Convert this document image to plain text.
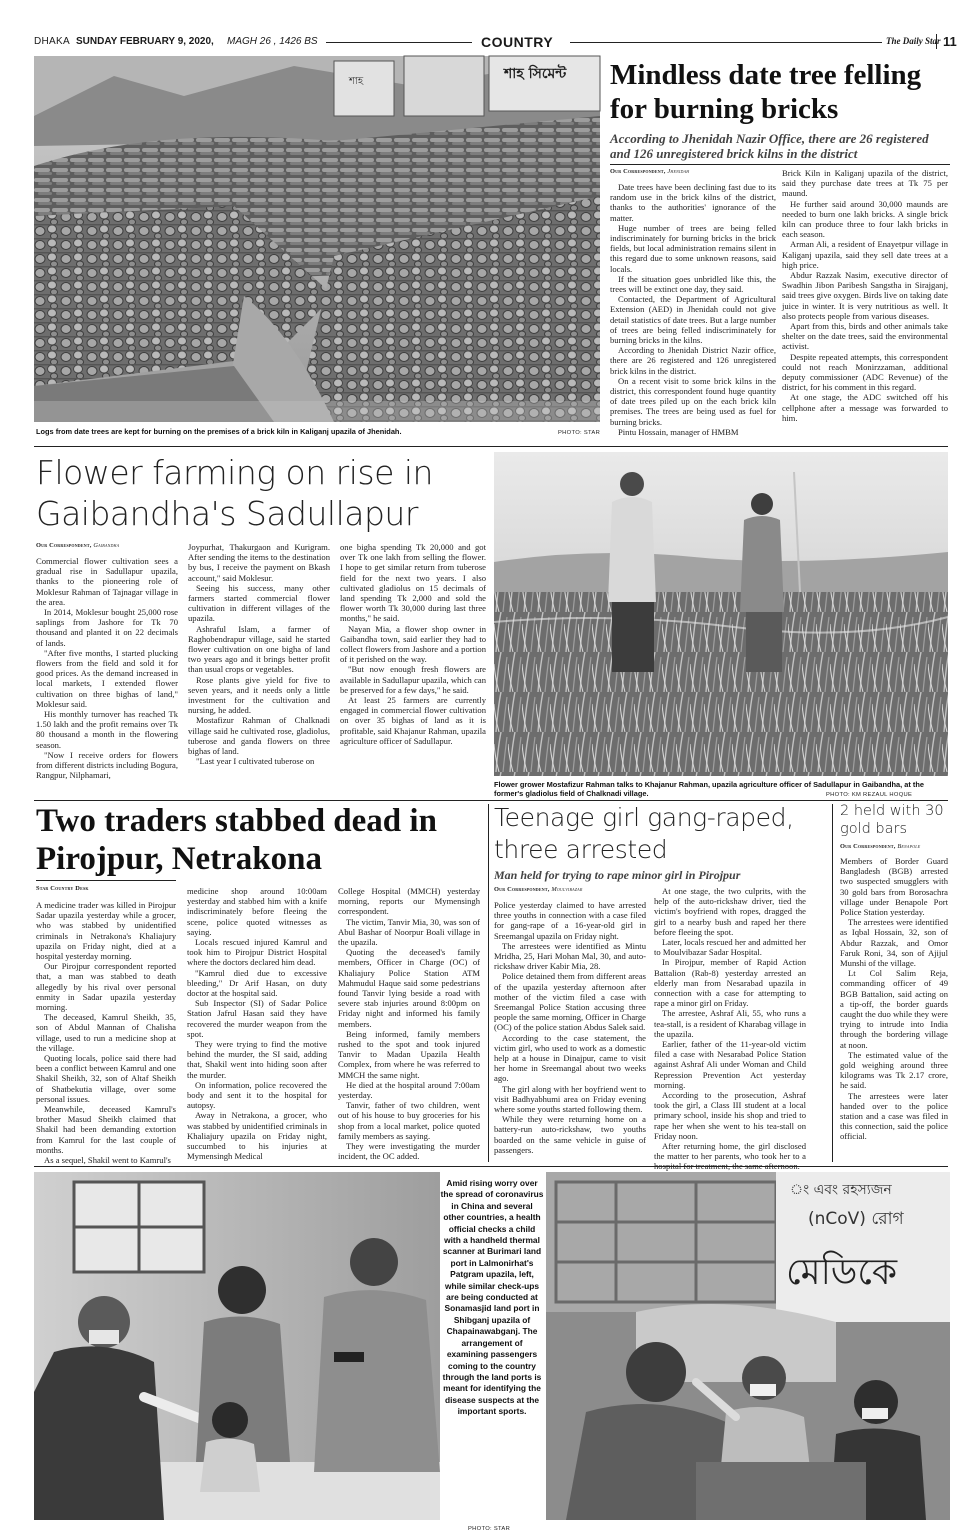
DHAKA SUNDAY FEBRUARY 9, 2020, MAGH 26 , 1426 BS	COUNTRY	The Daily Star 11
শাহ	শাহ সিমেন্ট
Logs from date trees are kept for burning on the premises of a brick kiln in Kaliganj upazila of Jhenidah.	PHOTO: STAR
Mindless date tree felling
for burning bricks
According to Jhenidah Nazir Office, there are 26 registered and 126 unregistered brick kilns in the district
Our Correspondent, Jhenidah

Date trees have been declining fast due to its random use in the brick kilns of the district, thanks to the authorities' ignorance of the matter.

Huge number of trees are being felled indiscriminately for burning bricks in the brick fields, but local administration remains silent in this regard due to some unknown reasons, said locals.

If the situation goes unbridled like this, the trees will be extinct one day, they said.

Contacted, the Department of Agricultural Extension (AED) in Jhenidah could not give detail statistics of date trees. But a large number of trees are being felled indiscriminately for burning bricks in the kilns.

According to Jhenidah District Nazir office, there are 26 registered and 126 unregistered brick kilns in the district.

On a recent visit to some brick kilns in the district, this correspondent found huge quantity of date trees piled up on the each brick kiln premises. The trees are being used as fuel for burning bricks.

Pintu Hossain, manager of HMBM

Brick Kiln in Kaliganj upazila of the district, said they purchase date trees at Tk 75 per maund.

He further said around 30,000 maunds are needed to burn one lakh bricks. A single brick kiln can produce three to four lakh bricks in each season.

Arman Ali, a resident of Enayetpur village in Kaliganj upazila, said they sell date trees at a high price.

Abdur Razzak Nasim, executive director of Swadhin Jibon Paribesh Sangstha in Sirajganj, said trees give oxygen. Birds live on taking date juice in winter. It is very nutritious as well. It also protects people from various diseases.

Apart from this, birds and other animals take shelter on the date trees, said the environmental activist.

Despite repeated attempts, this correspondent could not reach Monirzzaman, additional deputy commissioner (ADC Revenue) of the district, for his comment in this regard.

At one stage, the ADC switched off his cellphone after a message was forwarded to him.

Flower farming on rise in
Gaibandha's Sadullapur
Our Correspondent, Gaibandha

Commercial flower cultivation sees a gradual rise in Sadullapur upazila, thanks to the pioneering role of Moklesur Rahman of Tajnagar village in the area.

In 2014, Moklesur bought 25,000 rose saplings from Jashore for Tk 70 thousand and planted it on 22 decimals of lands.

"After five months, I started plucking flowers from the field and sold it for good prices. As the demand increased in local markets, I extended flower cultivation on three bighas of land," Moklesur said.

His monthly turnover has reached Tk 1.50 lakh and the profit remains over Tk 80 thousand a month in the flowering season.

"Now I receive orders for flowers from different districts including Bogura, Rangpur, Nilphamari,

Joypurhat, Thakurgaon and Kurigram. After sending the items to the destination by bus, I receive the payment on Bkash account," said Moklesur.

Seeing his success, many other farmers started commercial flower cultivation in different villages of the upazila.

Ashraful Islam, a farmer of Raghobendrapur village, said he started flower cultivation on one bigha of land two years ago and it brings better profit than usual crops or vegetables.

Rose plants give yield for five to seven years, and it needs only a little investment for the cultivation and nursing, he added.

Mostafizur Rahman of Chalknadi village said he cultivated rose, gladiolus, tuberose and ganda flowers on three bighas of land.

"Last year I cultivated tuberose on

one bigha spending Tk 20,000 and got over Tk one lakh from selling the flower. I hope to get similar return from tuberose field for the next two years. I also cultivated gladiolus on 15 decimals of land spending Tk 2,000 and sold the flower worth Tk 30,000 during last three months," he said.

Nayan Mia, a flower shop owner in Gaibandha town, said earlier they had to collect flowers from Jashore and a portion of it perished on the way.

"But now enough fresh flowers are available in Sadullapur upazila, which can be preserved for a few days," he said.

At least 25 farmers are currently engaged in commercial flower cultivation on over 35 bighas of land as it is profitable, said Khajanur Rahman, upazila agriculture officer of Sadullapur.

Flower grower Mostafizur Rahman talks to Khajanur Rahman, upazila agriculture officer of Sadullapur in Gaibandha, at the former's gladiolus field of Chalknadi village.	PHOTO: KM REZAUL HOQUE
Two traders stabbed dead in
Pirojpur, Netrakona
Star Country Desk

A medicine trader was killed in Pirojpur Sadar upazila yesterday while a grocer, who was stabbed by unidentified criminals in Netrakona's Khaliajury upazila on Friday night, died at a hospital yesterday morning.

Our Pirojpur correspondent reported that, a man was stabbed to death allegedly by his rival over personal enmity in Sadar upazila yesterday morning.

The deceased, Kamrul Sheikh, 35, son of Abdul Mannan of Chalisha village, used to run a medicine shop at the village.

Quoting locals, police said there had been a conflict between Kamrul and one Shakil Sheikh, 32, son of Altaf Sheikh of Shatbekutia village, over some personal issues.

Meanwhile, deceased Kamrul's brother Masud Sheikh claimed that Shakil had been demanding extortion from Kamrul for the last couple of months.

As a sequel, Shakil went to Kamrul's

medicine shop around 10:00am yesterday and stabbed him with a knife indiscriminately before fleeing the scene, police quoted witnesses as saying.

Locals rescued injured Kamrul and took him to Pirojpur District Hospital where the doctors declared him dead.

"Kamrul died due to excessive bleeding," Dr Arif Hasan, on duty doctor at the hospital said.

Sub Inspector (SI) of Sadar Police Station Jafrul Hasan said they have recovered the murder weapon from the spot.

They were trying to find the motive behind the murder, the SI said, adding that, Shakil went into hiding soon after the murder.

On information, police recovered the body and sent it to the hospital for autopsy.

Away in Netrakona, a grocer, who was stabbed by unidentified criminals in Khaliajury upazila on Friday night, succumbed to his injuries at Mymensingh Medical

College Hospital (MMCH) yesterday morning, reports our Mymensingh correspondent.

The victim, Tanvir Mia, 30, was son of Abul Bashar of Noorpur Boali village in the upazila.

Quoting the deceased's family members, Officer in Charge (OC) of Khaliajury Police Station ATM Mahmudul Haque said some pedestrians found Tanvir lying beside a road with severe stab injuries around 8:00pm on Friday night and informed his family members.

Being informed, family members rushed to the spot and took injured Tanvir to Madan Upazila Health Complex, from where he was referred to MMCH the same night.

He died at the hospital around 7:00am yesterday.

Tanvir, father of two children, went out of his house to buy groceries for his shop from a local market, police quoted family members as saying.

They were investigating the murder incident, the OC added.

Teenage girl gang-raped,
three arrested
Man held for trying to rape minor girl in Pirojpur
Our Correspondent, Moulvibazar

Police yesterday claimed to have arrested three youths in connection with a case filed for gang-rape of a 16-year-old girl in Sreemangal upazila on Friday night.

The arrestees were identified as Mintu Mridha, 25, Hari Mohan Mal, 30, and auto-rickshaw driver Kabir Mia, 28.

Police detained them from different areas of the upazila yesterday afternoon after mother of the victim filed a case with Sreemangal Police Station accusing three people the same morning, Officer in Charge (OC) of the police station Abdus Salek said.

According to the case statement, the victim girl, who used to work as a domestic help at a house in Dinajpur, came to visit her home in Sreemangal about two weeks ago.

The girl along with her boyfriend went to visit Badhyabhumi area on Friday evening where some youths started following them.

While they were returning home on a battery-run auto-rickshaw, two youths boarded on the same vehicle in guise of passengers.

At one stage, the two culprits, with the help of the auto-rickshaw driver, tied the victim's boyfriend with ropes, dragged the girl to a nearby bush and raped her there before fleeing the spot.

Later, locals rescued her and admitted her to Moulvibazar Sadar Hospital.

In Pirojpur, member of Rapid Action Battalion (Rab-8) yesterday arrested an elderly man from Nesarabad upazila in connection with a case for attempting to rape a minor girl on Friday.

The arrestee, Ashraf Ali, 55, who runs a tea-stall, is a resident of Kharabag village in the upazila.

Earlier, father of the 11-year-old victim filed a case with Nesarabad Police Station against Ashraf Ali under Woman and Child Repression Prevention Act yesterday morning.

According to the prosecution, Ashraf took the girl, a Class III student at a local primary school, inside his shop and tried to rape her when she went to his tea-stall on Friday noon.

After returning home, the girl disclosed the matter to her parents, who took her to a

2 held with 30
gold bars
Our Correspondent, Benapole

Members of Border Guard Bangladesh (BGB) arrested two suspected smugglers with 30 gold bars from Borosachra village under Benapole Port Police Station yesterday.

The arrestees were identified as Iqbal Hossain, 32, son of Abdur Razzak, and Omor Faruk Roni, 34, son of Ajijul Munshi of the village.

Lt Col Salim Reja, commanding officer of 49 BGB Battalion, said acting on a tip-off, the border guards caught the duo while they were trying to intrude into India through the bordering village at noon.

The estimated value of the gold weighing around three kilograms was Tk 2.17 crore, he said.

The arrestees were later handed over to the police station and a case was filed in this connection, said the police official.

Amid rising worry over the spread of coronavirus in China and several other countries, a health official checks a child with a handheld thermal scanner at Burimari land port in Lalmonirhat's Patgram upazila, left, while similar check-ups are being conducted at Sonamasjid land port in Shibganj upazila of Chapainawabganj. The arrangement of examining passengers coming to the country through the land ports is meant for identifying the disease suspects at the important sports.
PHOTO: STAR
ং এবং রহস্যজন
(nCoV) রোগ
মেডিকে
